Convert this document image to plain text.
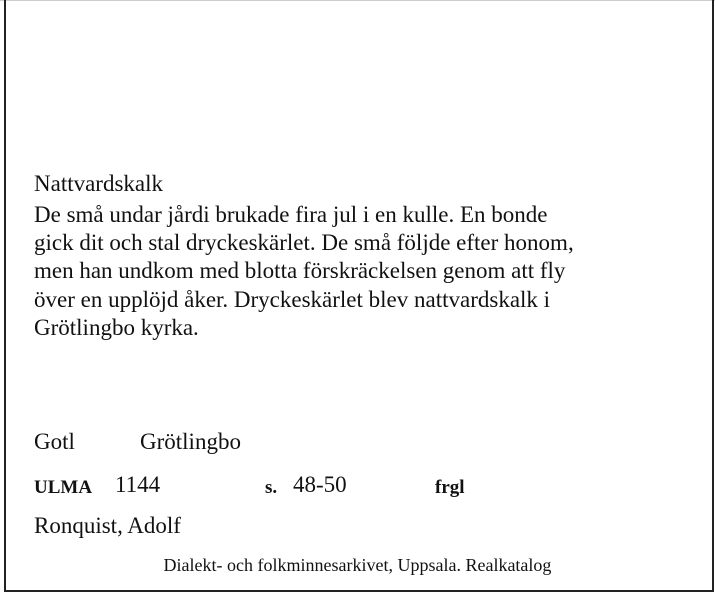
Nattvardskalk
De små undar jårdi brukade fira jul i en kulle. En bonde
gick dit och stal dryckeskärlet. De små följde efter honom,
men han undkom med blotta förskräckelsen genom att fly
över en upplöjd åker. Dryckeskärlet blev nattvardskalk i
Grötlingbo kyrka.
Gotl	Grötlingbo
ULMA 1144	s. 48-50	frgl
Ronquist, Adolf
Dialekt- och folkminnesarkivet, Uppsala. Realkatalog
